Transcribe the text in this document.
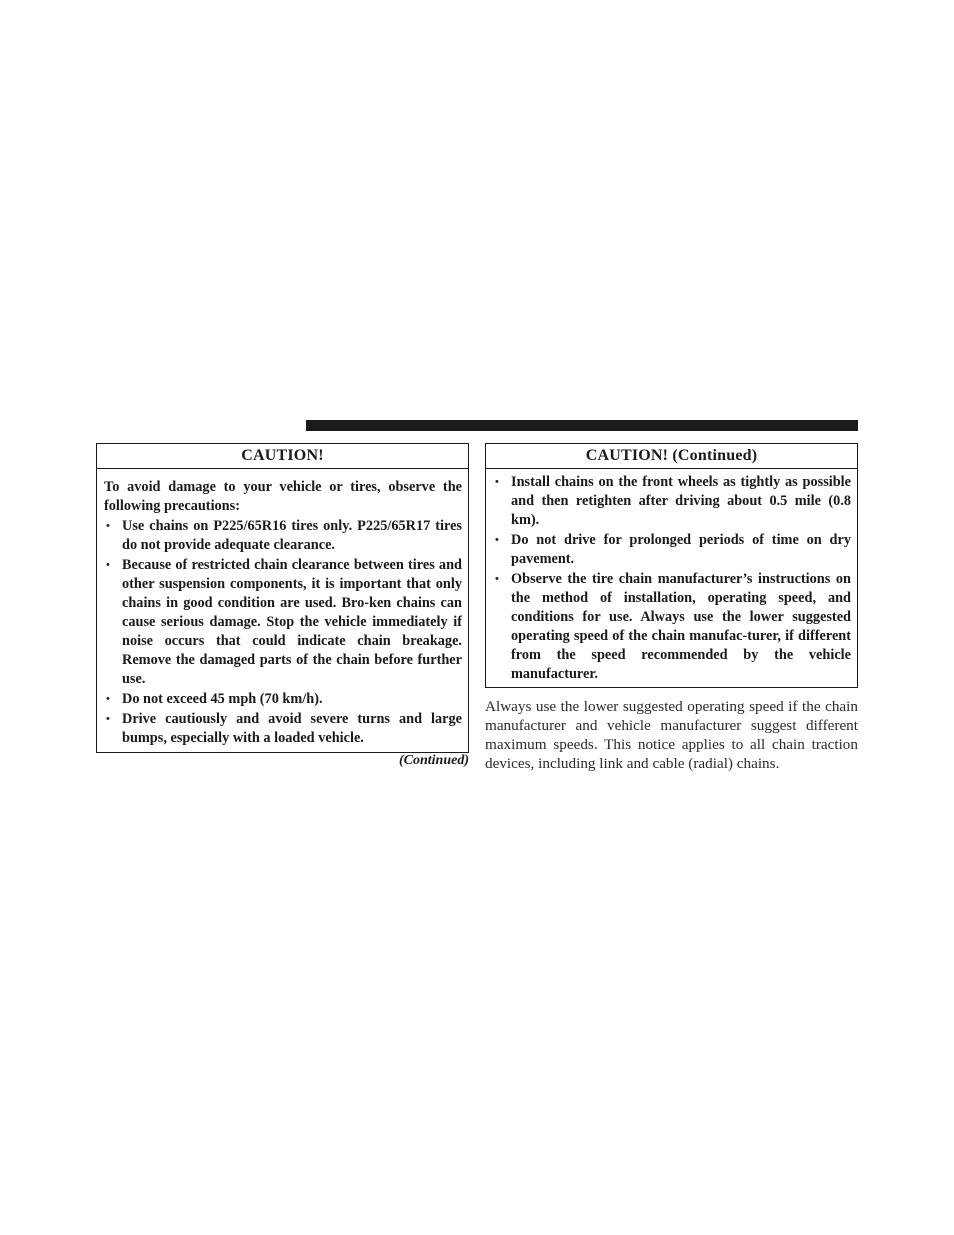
CAUTION!

To avoid damage to your vehicle or tires, observe the following precautions:

• Use chains on P225/65R16 tires only. P225/65R17 tires do not provide adequate clearance.
• Because of restricted chain clearance between tires and other suspension components, it is important that only chains in good condition are used. Bro-ken chains can cause serious damage. Stop the vehicle immediately if noise occurs that could indicate chain breakage. Remove the damaged parts of the chain before further use.
• Do not exceed 45 mph (70 km/h).
• Drive cautiously and avoid severe turns and large bumps, especially with a loaded vehicle.
(Continued)
CAUTION! (Continued)
• Install chains on the front wheels as tightly as possible and then retighten after driving about 0.5 mile (0.8 km).
• Do not drive for prolonged periods of time on dry pavement.
• Observe the tire chain manufacturer’s instructions on the method of installation, operating speed, and conditions for use. Always use the lower suggested operating speed of the chain manufac-turer, if different from the speed recommended by the vehicle manufacturer.

Always use the lower suggested operating speed if the chain manufacturer and vehicle manufacturer suggest different maximum speeds. This notice applies to all chain traction devices, including link and cable (radial) chains.
